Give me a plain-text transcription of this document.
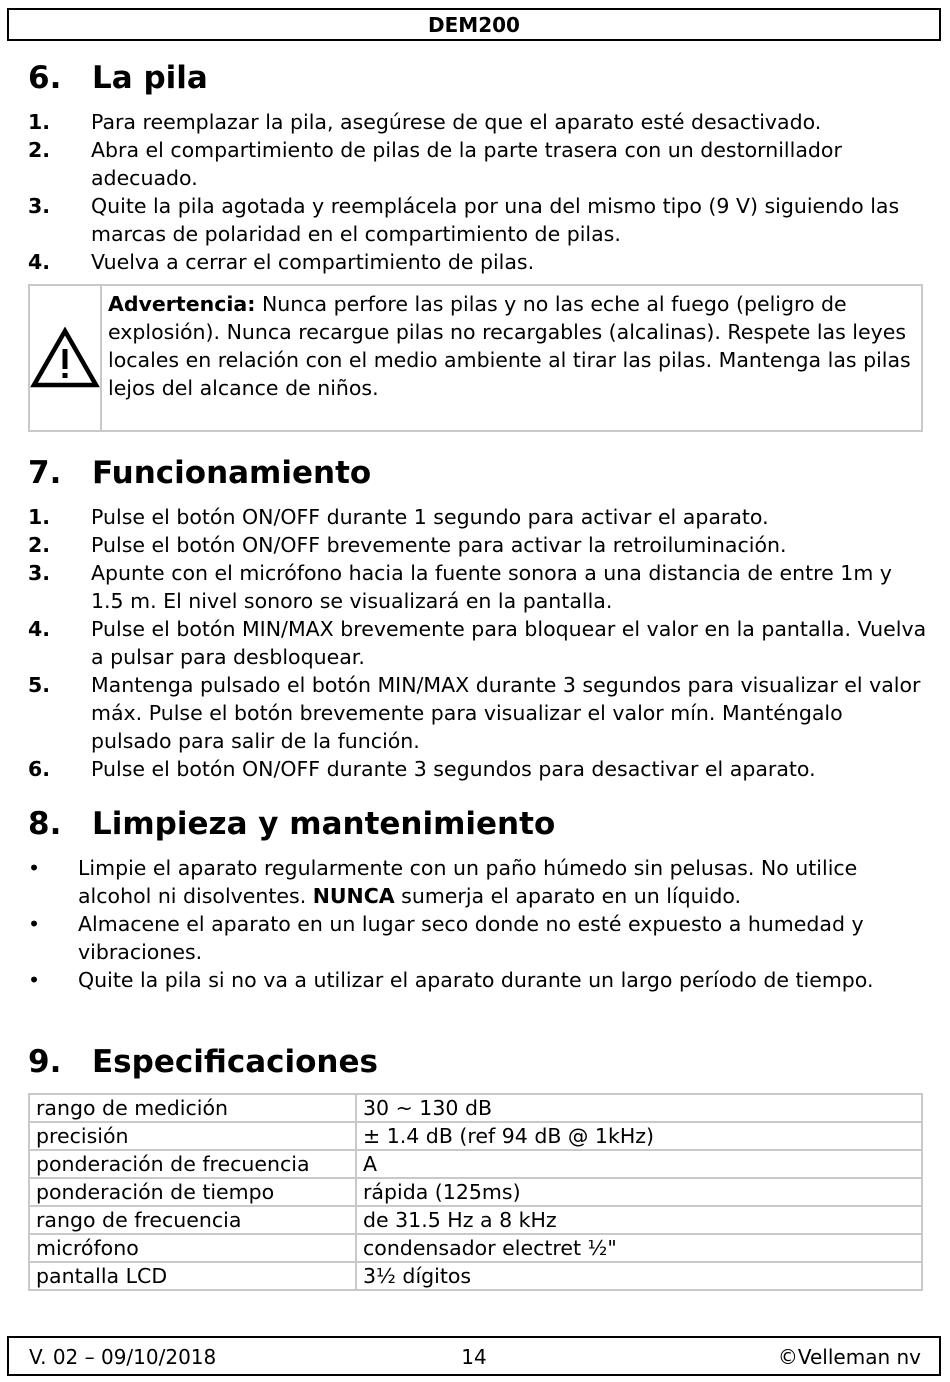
DEM200
6. La pila
1. Para reemplazar la pila, asegúrese de que el aparato esté desactivado.
2. Abra el compartimiento de pilas de la parte trasera con un destornillador adecuado.
3. Quite la pila agotada y reemplácela por una del mismo tipo (9 V) siguiendo las marcas de polaridad en el compartimiento de pilas.
4. Vuelva a cerrar el compartimiento de pilas.
Advertencia: Nunca perfore las pilas y no las eche al fuego (peligro de explosión). Nunca recargue pilas no recargables (alcalinas). Respete las leyes locales en relación con el medio ambiente al tirar las pilas. Mantenga las pilas lejos del alcance de niños.
7. Funcionamiento
1. Pulse el botón ON/OFF durante 1 segundo para activar el aparato.
2. Pulse el botón ON/OFF brevemente para activar la retroiluminación.
3. Apunte con el micrófono hacia la fuente sonora a una distancia de entre 1m y 1.5 m. El nivel sonoro se visualizará en la pantalla.
4. Pulse el botón MIN/MAX brevemente para bloquear el valor en la pantalla. Vuelva a pulsar para desbloquear.
5. Mantenga pulsado el botón MIN/MAX durante 3 segundos para visualizar el valor máx. Pulse el botón brevemente para visualizar el valor mín. Manténgalo pulsado para salir de la función.
6. Pulse el botón ON/OFF durante 3 segundos para desactivar el aparato.
8. Limpieza y mantenimiento
• Limpie el aparato regularmente con un paño húmedo sin pelusas. No utilice alcohol ni disolventes. NUNCA sumerja el aparato en un líquido.
• Almacene el aparato en un lugar seco donde no esté expuesto a humedad y vibraciones.
• Quite la pila si no va a utilizar el aparato durante un largo período de tiempo.
9. Especificaciones
rango de medición	30 ~ 130 dB
precisión	± 1.4 dB (ref 94 dB @ 1kHz)
ponderación de frecuencia	A
ponderación de tiempo	rápida (125ms)
rango de frecuencia	de 31.5 Hz a 8 kHz
micrófono	condensador electret ½"
pantalla LCD	3½ dígitos
V. 02 – 09/10/2018	14	©Velleman nv
